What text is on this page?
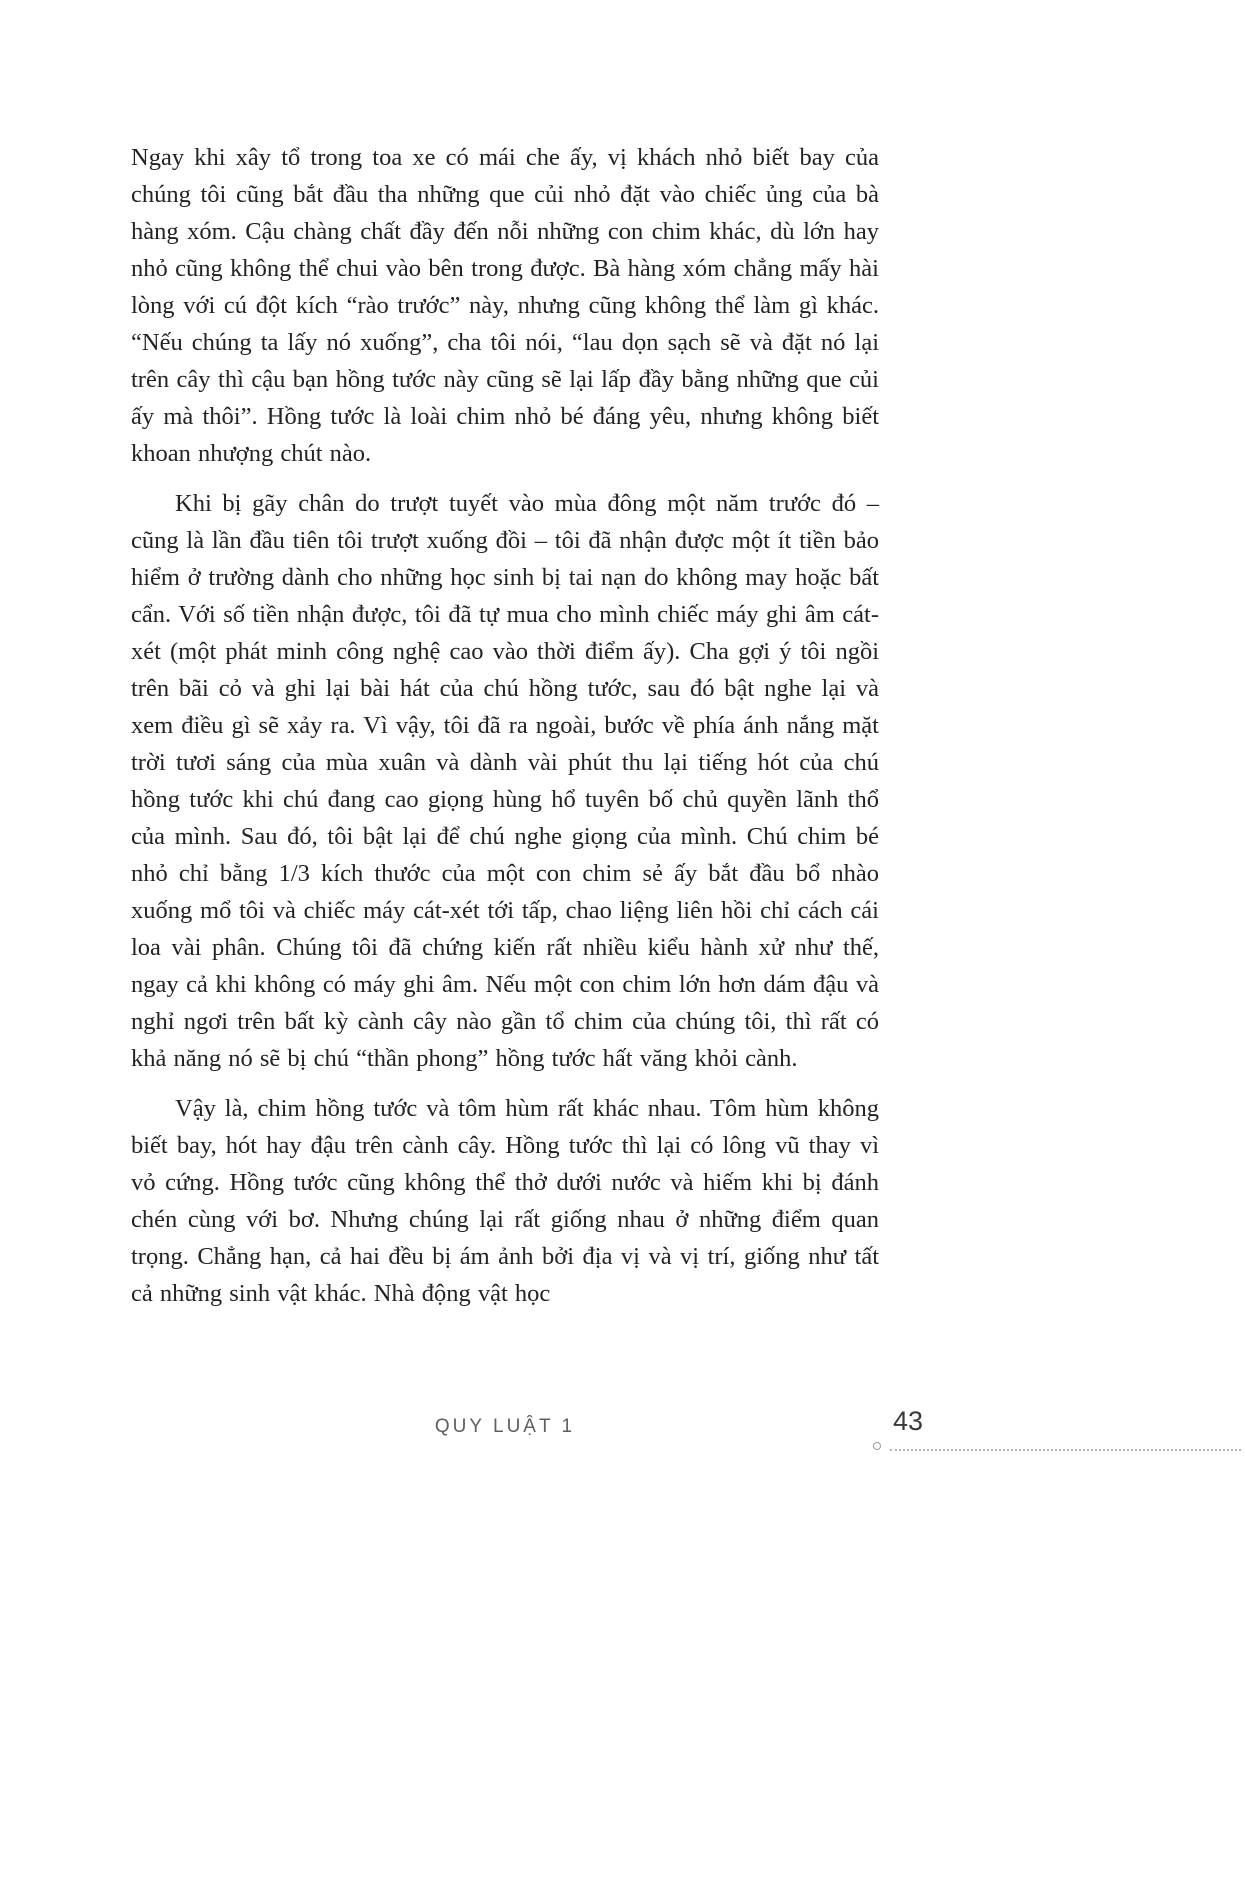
Ngay khi xây tổ trong toa xe có mái che ấy, vị khách nhỏ biết bay của chúng tôi cũng bắt đầu tha những que củi nhỏ đặt vào chiếc ủng của bà hàng xóm. Cậu chàng chất đầy đến nỗi những con chim khác, dù lớn hay nhỏ cũng không thể chui vào bên trong được. Bà hàng xóm chẳng mấy hài lòng với cú đột kích “rào trước” này, nhưng cũng không thể làm gì khác. “Nếu chúng ta lấy nó xuống”, cha tôi nói, “lau dọn sạch sẽ và đặt nó lại trên cây thì cậu bạn hồng tước này cũng sẽ lại lấp đầy bằng những que củi ấy mà thôi”. Hồng tước là loài chim nhỏ bé đáng yêu, nhưng không biết khoan nhượng chút nào.

Khi bị gãy chân do trượt tuyết vào mùa đông một năm trước đó – cũng là lần đầu tiên tôi trượt xuống đồi – tôi đã nhận được một ít tiền bảo hiểm ở trường dành cho những học sinh bị tai nạn do không may hoặc bất cẩn. Với số tiền nhận được, tôi đã tự mua cho mình chiếc máy ghi âm cát-xét (một phát minh công nghệ cao vào thời điểm ấy). Cha gợi ý tôi ngồi trên bãi cỏ và ghi lại bài hát của chú hồng tước, sau đó bật nghe lại và xem điều gì sẽ xảy ra. Vì vậy, tôi đã ra ngoài, bước về phía ánh nắng mặt trời tươi sáng của mùa xuân và dành vài phút thu lại tiếng hót của chú hồng tước khi chú đang cao giọng hùng hổ tuyên bố chủ quyền lãnh thổ của mình. Sau đó, tôi bật lại để chú nghe giọng của mình. Chú chim bé nhỏ chỉ bằng 1/3 kích thước của một con chim sẻ ấy bắt đầu bổ nhào xuống mổ tôi và chiếc máy cát-xét tới tấp, chao liệng liên hồi chỉ cách cái loa vài phân. Chúng tôi đã chứng kiến rất nhiều kiểu hành xử như thế, ngay cả khi không có máy ghi âm. Nếu một con chim lớn hơn dám đậu và nghỉ ngơi trên bất kỳ cành cây nào gần tổ chim của chúng tôi, thì rất có khả năng nó sẽ bị chú “thần phong” hồng tước hất văng khỏi cành.

Vậy là, chim hồng tước và tôm hùm rất khác nhau. Tôm hùm không biết bay, hót hay đậu trên cành cây. Hồng tước thì lại có lông vũ thay vì vỏ cứng. Hồng tước cũng không thể thở dưới nước và hiếm khi bị đánh chén cùng với bơ. Nhưng chúng lại rất giống nhau ở những điểm quan trọng. Chẳng hạn, cả hai đều bị ám ảnh bởi địa vị và vị trí, giống như tất cả những sinh vật khác. Nhà động vật học

QUY LUẬT 1	43
